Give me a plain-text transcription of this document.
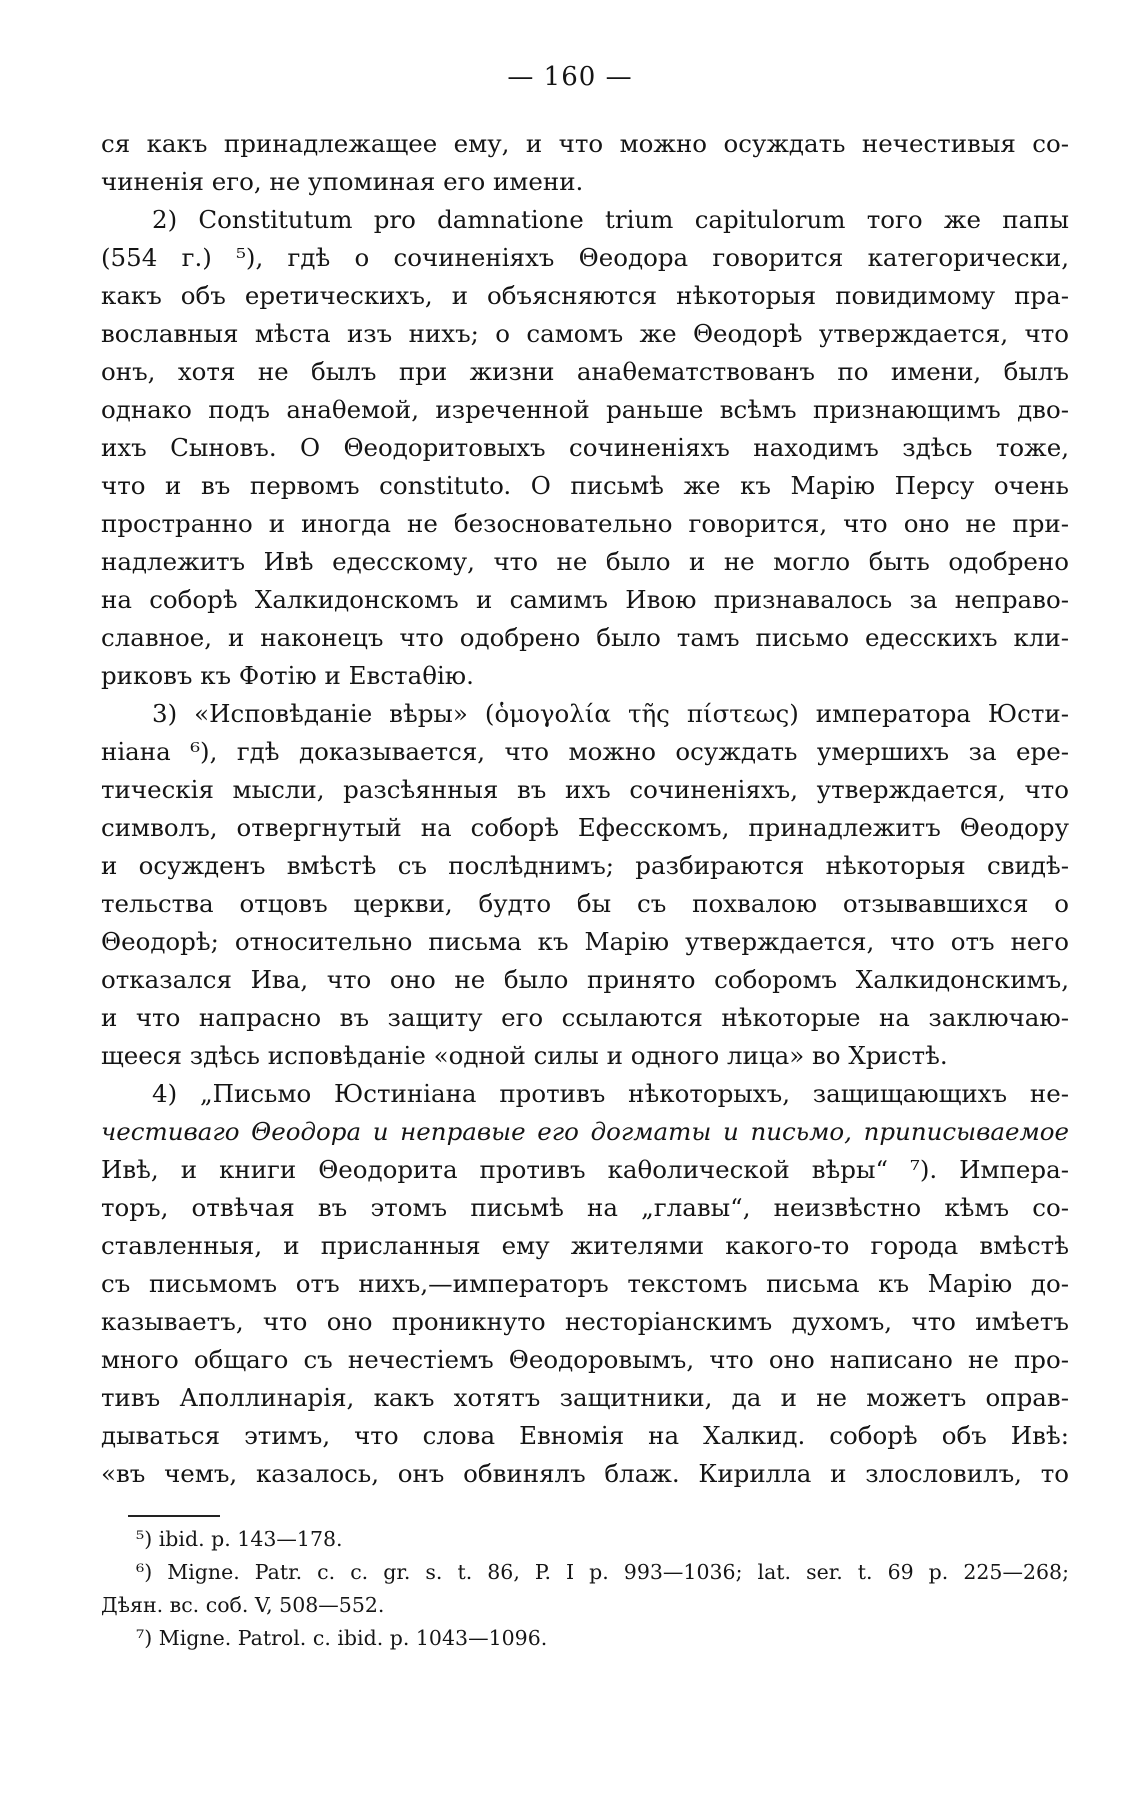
— 160 —
ся какъ принадлежащее ему, и что можно осуждать нечестивыя со-
чиненія его, не упоминая его имени.
2) Constitutum pro damnatione trium capitulorum того же папы
(554 г.) ⁵), гдѣ о сочиненіяхъ Θеодора говорится категорически,
какъ объ еретическихъ, и объясняются нѣкоторыя повидимому пра-
вославныя мѣста изъ нихъ; о самомъ же Θеодорѣ утверждается, что
онъ, хотя не былъ при жизни анаθематствованъ по имени, былъ
однако подъ анаθемой, изреченной раньше всѣмъ признающимъ дво-
ихъ Сыновъ. О Θеодоритовыхъ сочиненіяхъ находимъ здѣсь тоже,
что и въ первомъ constituto. О письмѣ же къ Марію Персу очень
пространно и иногда не безосновательно говорится, что оно не при-
надлежитъ Ивѣ едесскому, что не было и не могло быть одобрено
на соборѣ Халкидонскомъ и самимъ Ивою признавалось за неправо-
славное, и наконецъ что одобрено было тамъ письмо едесскихъ кли-
риковъ къ Фотію и Евстаθію.
3) «Исповѣданіе вѣры» (ὁμογολία τῆς πίστεως) императора Юсти-
ніана ⁶), гдѣ доказывается, что можно осуждать умершихъ за ере-
тическія мысли, разсѣянныя въ ихъ сочиненіяхъ, утверждается, что
символъ, отвергнутый на соборѣ Ефесскомъ, принадлежитъ Θеодору
и осужденъ вмѣстѣ съ послѣднимъ; разбираются нѣкоторыя свидѣ-
тельства отцовъ церкви, будто бы съ похвалою отзывавшихся о
Θеодорѣ; относительно письма къ Марію утверждается, что отъ него
отказался Ива, что оно не было принято соборомъ Халкидонскимъ,
и что напрасно въ защиту его ссылаются нѣкоторые на заключаю-
щееся здѣсь исповѣданіе «одной силы и одного лица» во Христѣ.
4) „Письмо Юстиніана противъ нѣкоторыхъ, защищающихъ не-
честиваго Θеодора и неправые его догматы и письмо, приписываемое
Ивѣ, и книги Θеодорита противъ каθолической вѣры“ ⁷). Импера-
торъ, отвѣчая въ этомъ письмѣ на „главы“, неизвѣстно кѣмъ со-
ставленныя, и присланныя ему жителями какого-то города вмѣстѣ
съ письмомъ отъ нихъ,—императоръ текстомъ письма къ Марію до-
казываетъ, что оно проникнуто несторіанскимъ духомъ, что имѣетъ
много общаго съ нечестіемъ Θеодоровымъ, что оно написано не про-
тивъ Аполлинарія, какъ хотятъ защитники, да и не можетъ оправ-
дываться этимъ, что слова Евномія на Халкид. соборѣ объ Ивѣ:
«въ чемъ, казалось, онъ обвинялъ блаж. Кирилла и злословилъ, то
⁵) ibid. p. 143—178.
⁶) Migne. Patr. c. c. gr. s. t. 86, P. I p. 993—1036; lat. ser. t. 69 p. 225—268;
Дѣян. вс. соб. V, 508—552.
⁷) Migne. Patrol. c. ibid. p. 1043—1096.
